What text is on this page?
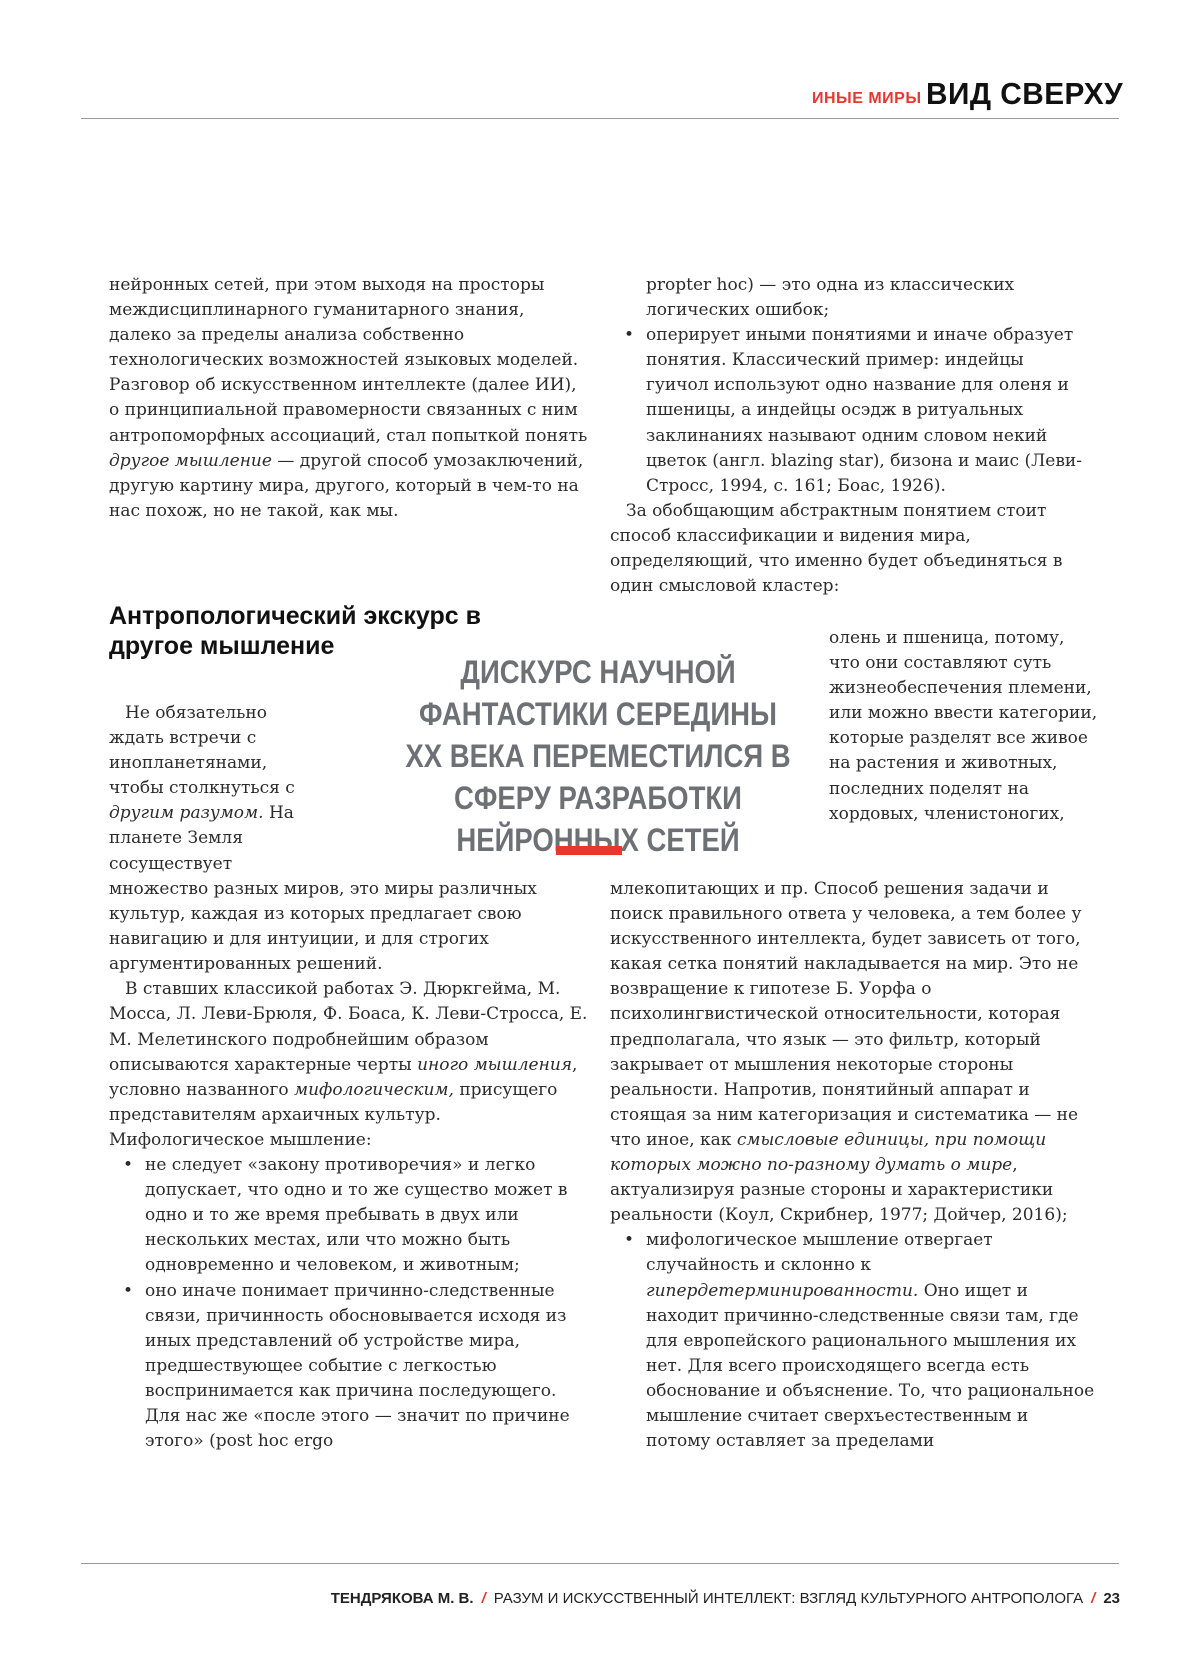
ИНЫЕ МИРЫ ВИД СВЕРХУ

нейронных сетей, при этом выходя на просторы междисциплинарного гуманитарного знания, далеко за пределы анализа собственно технологических возможностей языковых моделей. Разговор об искусственном интеллекте (далее ИИ), о принципиальной правомерности связанных с ним антропоморфных ассоциаций, стал попыткой понять другое мышление — другой способ умозаключений, другую картину мира, другого, который в чем-то на нас похож, но не такой, как мы.

Антропологический экскурс в другое мышление

Не обязательно ждать встречи с инопланетянами, чтобы столкнуться с другим разумом. На планете Земля сосуществует

множество разных миров, это миры различных культур, каждая из которых предлагает свою навигацию и для интуиции, и для строгих аргументированных решений.

В ставших классикой работах Э. Дюркгейма, М. Мосса, Л. Леви-Брюля, Ф. Боаса, К. Леви-Стросса, Е. М. Мелетинского подробнейшим образом описываются характерные черты иного мышления, условно названного мифологическим, присущего представителям архаичных культур. Мифологическое мышление:

• не следует «закону противоречия» и легко допускает, что одно и то же существо может в одно и то же время пребывать в двух или нескольких местах, или что можно быть одновременно и человеком, и животным;
• оно иначе понимает причинно-следственные связи, причинность обосновывается исходя из иных представлений об устройстве мира, предшествующее событие с легкостью воспринимается как причина последующего. Для нас же «после этого — значит по причине этого» (post hoc ergo
ДИСКУРС НАУЧНОЙ ФАНТАСТИКИ СЕРЕДИНЫ XX ВЕКА ПЕРЕМЕСТИЛСЯ В СФЕРУ РАЗРАБОТКИ НЕЙРОННЫХ СЕТЕЙ

propter hoc) — это одна из классических логических ошибок;

• оперирует иными понятиями и иначе образует понятия. Классический пример: индейцы гуичол используют одно название для оленя и пшеницы, а индейцы осэдж в ритуальных заклинаниях называют одним словом некий цветок (англ. blazing star), бизона и маис (Леви-Стросс, 1994, с. 161; Боас, 1926).

За обобщающим абстрактным понятием стоит способ классификации и видения мира, определяющий, что именно будет объединяться в один смысловой кластер:

олень и пшеница, потому, что они составляют суть жизнеобеспечения племени, или можно ввести категории, которые разделят все живое на растения и животных, последних поделят на хордовых, членистоногих,

млекопитающих и пр. Способ решения задачи и поиск правильного ответа у человека, а тем более у искусственного интеллекта, будет зависеть от того, какая сетка понятий накладывается на мир. Это не возвращение к гипотезе Б. Уорфа о психолингвистической относительности, которая предполагала, что язык — это фильтр, который закрывает от мышления некоторые стороны реальности. Напротив, понятийный аппарат и стоящая за ним категоризация и систематика — не что иное, как смысловые единицы, при помощи которых можно по-разному думать о мире, актуализируя разные стороны и характеристики реальности (Коул, Скрибнер, 1977; Дойчер, 2016);

• мифологическое мышление отвергает случайность и склонно к гипердетерминированности. Оно ищет и находит причинно-следственные связи там, где для европейского рационального мышления их нет. Для всего происходящего всегда есть обоснование и объяснение. То, что рациональное мышление считает сверхъестественным и потому оставляет за пределами
ТЕНДРЯКОВА М. В. / РАЗУМ И ИСКУССТВЕННЫЙ ИНТЕЛЛЕКТ: ВЗГЛЯД КУЛЬТУРНОГО АНТРОПОЛОГА / 23
